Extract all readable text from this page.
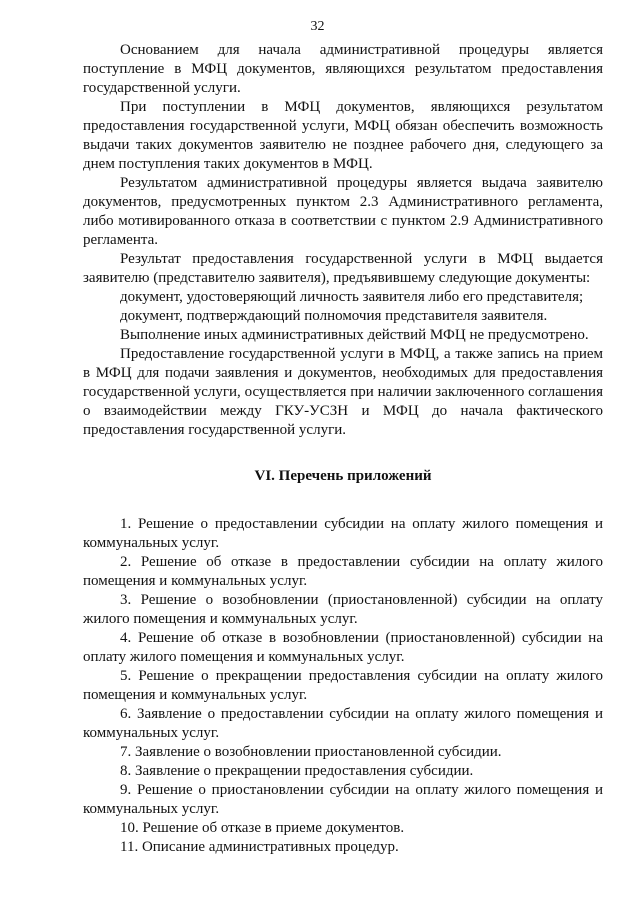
32

Основанием для начала административной процедуры является поступление в МФЦ документов, являющихся результатом предоставления государственной услуги.

При поступлении в МФЦ документов, являющихся результатом предоставления государственной услуги, МФЦ обязан обеспечить возможность выдачи таких документов заявителю не позднее рабочего дня, следующего за днем поступления таких документов в МФЦ.

Результатом административной процедуры является выдача заявителю документов, предусмотренных пунктом 2.3 Административного регламента, либо мотивированного отказа в соответствии с пунктом 2.9 Административного регламента.

Результат предоставления государственной услуги в МФЦ выдается заявителю (представителю заявителя), предъявившему следующие документы:

документ, удостоверяющий личность заявителя либо его представителя;

документ, подтверждающий полномочия представителя заявителя.

Выполнение иных административных действий МФЦ не предусмотрено.

Предоставление государственной услуги в МФЦ, а также запись на прием в МФЦ для подачи заявления и документов, необходимых для предоставления государственной услуги, осуществляется при наличии заключенного соглашения о взаимодействии между ГКУ-УСЗН и МФЦ до начала фактического предоставления государственной услуги.

VI. Перечень приложений

1. Решение о предоставлении субсидии на оплату жилого помещения и коммунальных услуг.

2. Решение об отказе в предоставлении субсидии на оплату жилого помещения и коммунальных услуг.

3. Решение о возобновлении (приостановленной) субсидии на оплату жилого помещения и коммунальных услуг.

4. Решение об отказе в возобновлении (приостановленной) субсидии на оплату жилого помещения и коммунальных услуг.

5. Решение о прекращении предоставления субсидии на оплату жилого помещения и коммунальных услуг.

6. Заявление о предоставлении субсидии на оплату жилого помещения и коммунальных услуг.

7. Заявление о возобновлении приостановленной субсидии.

8. Заявление о прекращении предоставления субсидии.

9. Решение о приостановлении субсидии на оплату жилого помещения и коммунальных услуг.

10. Решение об отказе в приеме документов.

11. Описание административных процедур.
